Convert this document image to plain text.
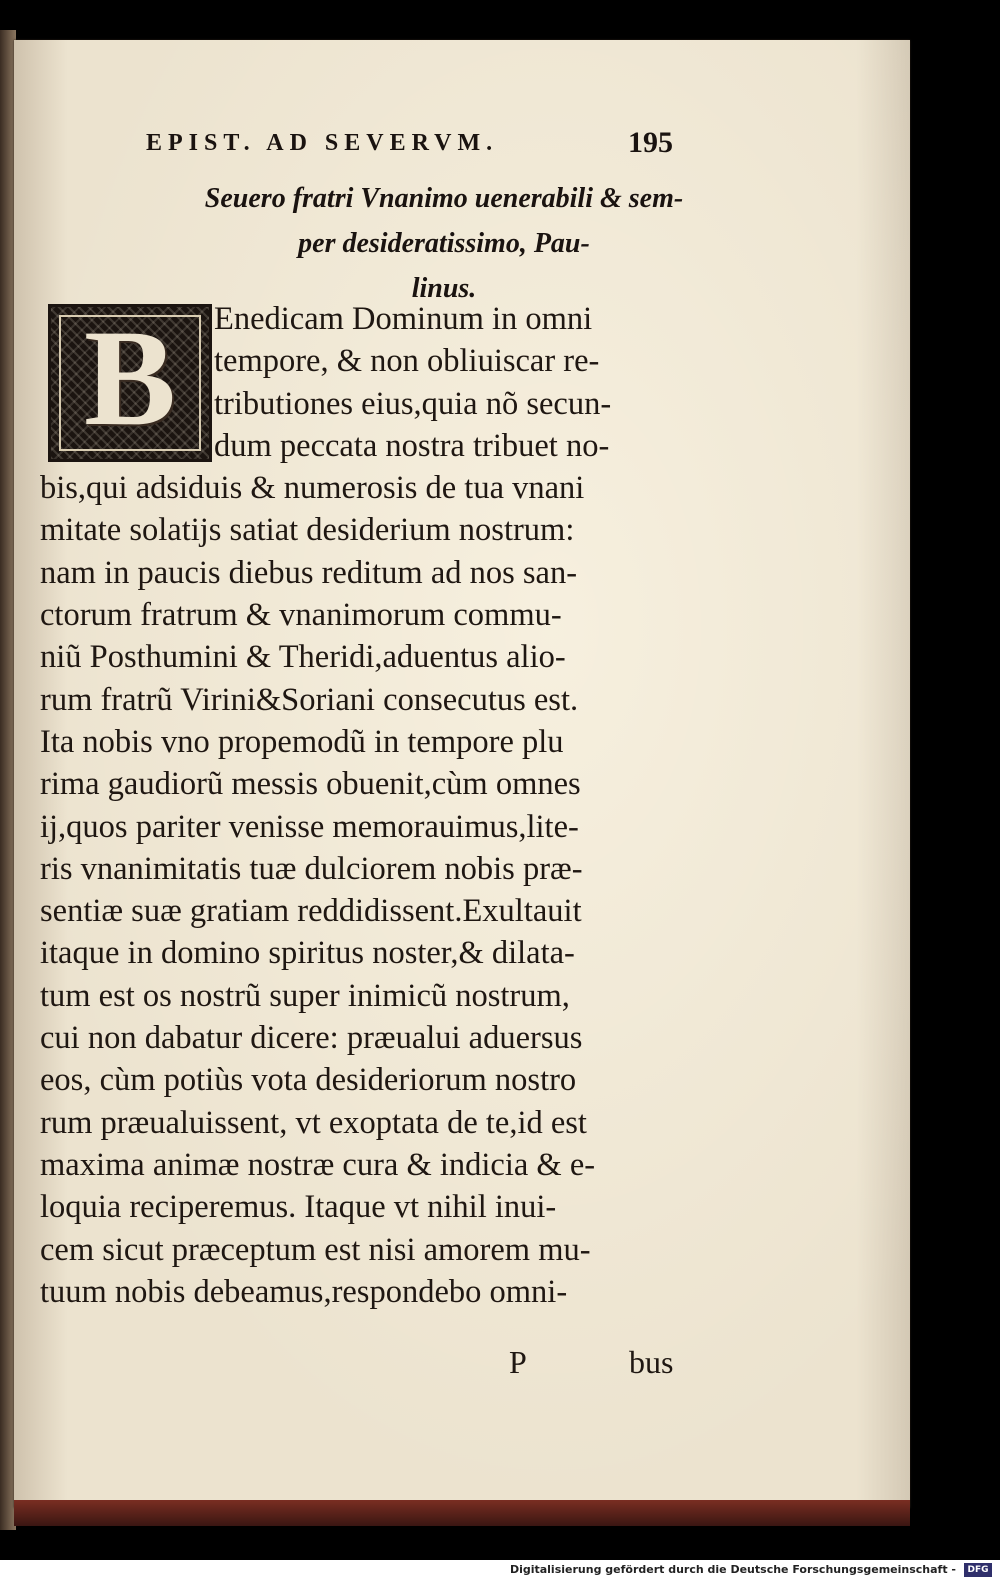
EPIST. AD SEVERVM.	195
Seuero fratri Vnanimo uenerabili & sem-
per desideratissimo, Pau-
linus.
B	Enedicam Dominum in omni
tempore, & non obliuiscar re-
tributiones eius,quia nõ secun-
dum peccata nostra tribuet no-
bis,qui adsiduis & numerosis de tua vnani
mitate solatijs satiat desiderium nostrum:
nam in paucis diebus reditum ad nos san-
ctorum fratrum & vnanimorum commu-
niũ Posthumini & Theridi,aduentus alio-
rum fratrũ Virini&Soriani consecutus est.
Ita nobis vno propemodũ in tempore plu
rima gaudiorũ messis obuenit,cùm omnes
ij,quos pariter venisse memorauimus,lite-
ris vnanimitatis tuæ dulciorem nobis præ-
sentiæ suæ gratiam reddidissent.Exultauit
itaque in domino spiritus noster,& dilata-
tum est os nostrũ super inimicũ nostrum,
cui non dabatur dicere: præualui aduersus
eos, cùm potiùs vota desideriorum nostro
rum præualuissent, vt exoptata de te,id est
maxima animæ nostræ cura & indicia & e-
loquia reciperemus. Itaque vt nihil inui-
cem sicut præceptum est nisi amorem mu-
tuum nobis debeamus,respondebo omni-
P	bus
Digitalisierung gefördert durch die Deutsche Forschungsgemeinschaft -	DFG
